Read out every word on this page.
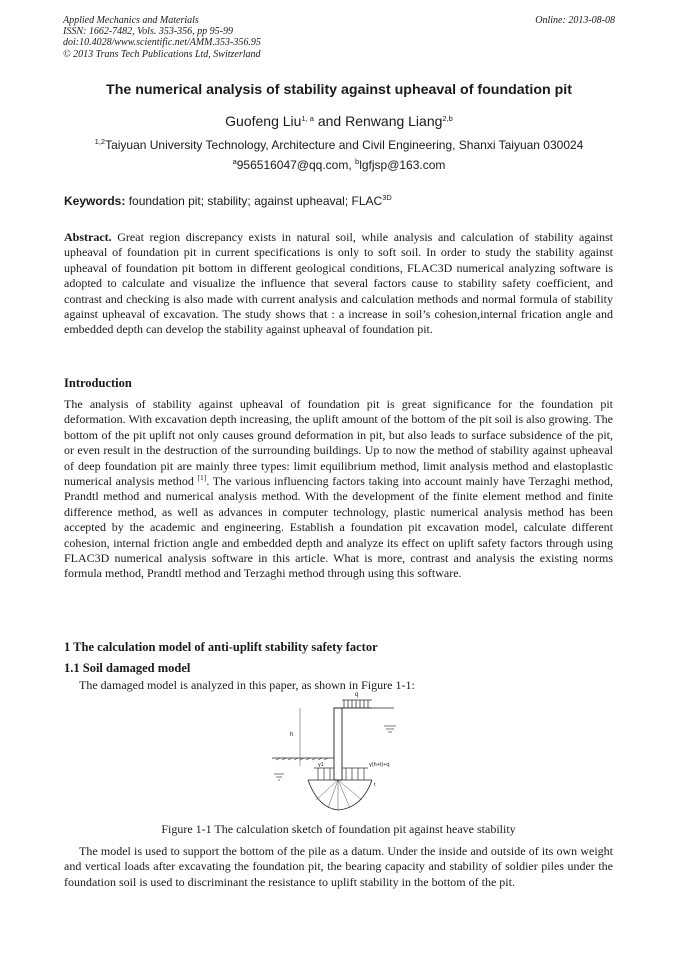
Applied Mechanics and Materials
ISSN: 1662-7482, Vols. 353-356, pp 95-99
doi:10.4028/www.scientific.net/AMM.353-356.95
© 2013 Trans Tech Publications Ltd, Switzerland
Online: 2013-08-08
The numerical analysis of stability against upheaval of foundation pit
Guofeng Liu$^{1, a}$ and Renwang Liang$^{2,b}$
$^{1,2}$Taiyuan University Technology, Architecture and Civil Engineering, Shanxi Taiyuan 030024
$^a$956516047@qq.com, $^b$lgfjsp@163.com
Keywords: foundation pit; stability; against upheaval; $FLAC^{3D}$
Abstract. Great region discrepancy exists in natural soil, while analysis and calculation of stability against upheaval of foundation pit in current specifications is only to soft soil. In order to study the stability against upheaval of foundation pit bottom in different geological conditions, FLAC3D numerical analyzing software is adopted to calculate and visualize the influence that several factors cause to stability safety coefficient, and contrast and checking is also made with current analysis and calculation methods and normal formula of stability against upheaval of excavation. The study shows that : a increase in soil’s cohesion,internal frication angle and embedded depth can develop the stability against upheaval of foundation pit.
Introduction
The analysis of stability against upheaval of foundation pit is great significance for the foundation pit deformation. With excavation depth increasing, the uplift amount of the bottom of the pit soil is also growing. The bottom of the pit uplift not only causes ground deformation in pit, but also leads to surface subsidence of the pit, or even result in the destruction of the surrounding buildings. Up to now the method of stability against upheaval of deep foundation pit are mainly three types: limit equilibrium method, limit analysis method and elastoplastic numerical analysis method [1]. The various influencing factors taking into account mainly have Terzaghi method, Prandtl method and numerical analysis method. With the development of the finite element method and finite difference method, as well as advances in computer technology, plastic numerical analysis method has been accepted by the academic and engineering. Establish a foundation pit excavation model, calculate different cohesion, internal friction angle and embedded depth and analyze its effect on uplift safety factors through using FLAC3D numerical analysis software in this article. What is more, contrast and analysis the existing norms formula method, Prandtl method and Terzaghi method through using this software.
1 The calculation model of anti-uplift stability safety factor
1.1 Soil damaged model
The damaged model is analyzed in this paper, as shown in Figure 1-1:
q
h
γ1	γ(h+t)+q
t
Figure 1-1 The calculation sketch of foundation pit against heave stability
The model is used to support the bottom of the pile as a datum. Under the inside and outside of its own weight and vertical loads after excavating the foundation pit, the bearing capacity and stability of soldier piles under the foundation soil is used to discriminant the resistance to uplift stability in the bottom of the pit.
